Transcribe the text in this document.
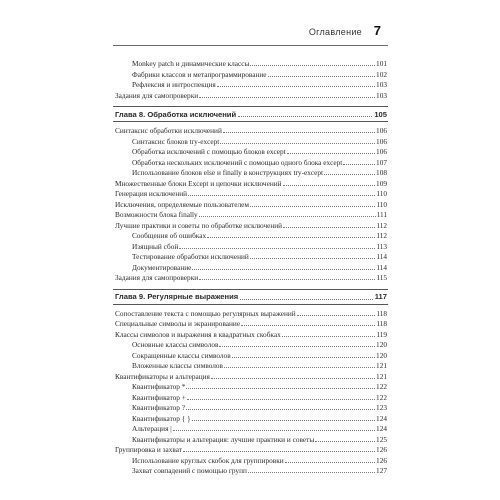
Оглавление 7
Monkey patch и динамические классы	101
Фабрики классов и метапрограммирование	102
Рефлексия и интроспекция	103
Задания для самопроверки	103
Глава 8. Обработка исключений	105
Синтаксис обработки исключений	106
Синтаксис блоков try-except	106
Обработка исключений с помощью блоков except	106
Обработка нескольких исключений с помощью одного блока except	107
Использование блоков else и finally в конструкциях try-except	108
Множественные блоки Except и цепочки исключений	109
Генерация исключений	110
Исключения, определяемые пользователем	110
Возможности блока finally	111
Лучшие практики и советы по обработке исключений	112
Сообщения об ошибках	112
Изящный сбой	113
Тестирование обработки исключений	114
Документирование	114
Задания для самопроверки	115
Глава 9. Регулярные выражения	117
Сопоставление текста с помощью регулярных выражений	118
Специальные символы и экранирование	118
Классы символов и выражения в квадратных скобках	119
Основные классы символов	120
Сокращенные классы символов	120
Вложенные классы символов	121
Квантификаторы и альтерация	121
Квантификатор *	122
Квантификатор +	122
Квантификатор ?	123
Квантификатор { }	124
Альтерация |	124
Квантификаторы и альтерация: лучшие практики и советы	125
Группировка и захват	126
Использование круглых скобок для группировки	126
Захват совпадений с помощью групп	127
